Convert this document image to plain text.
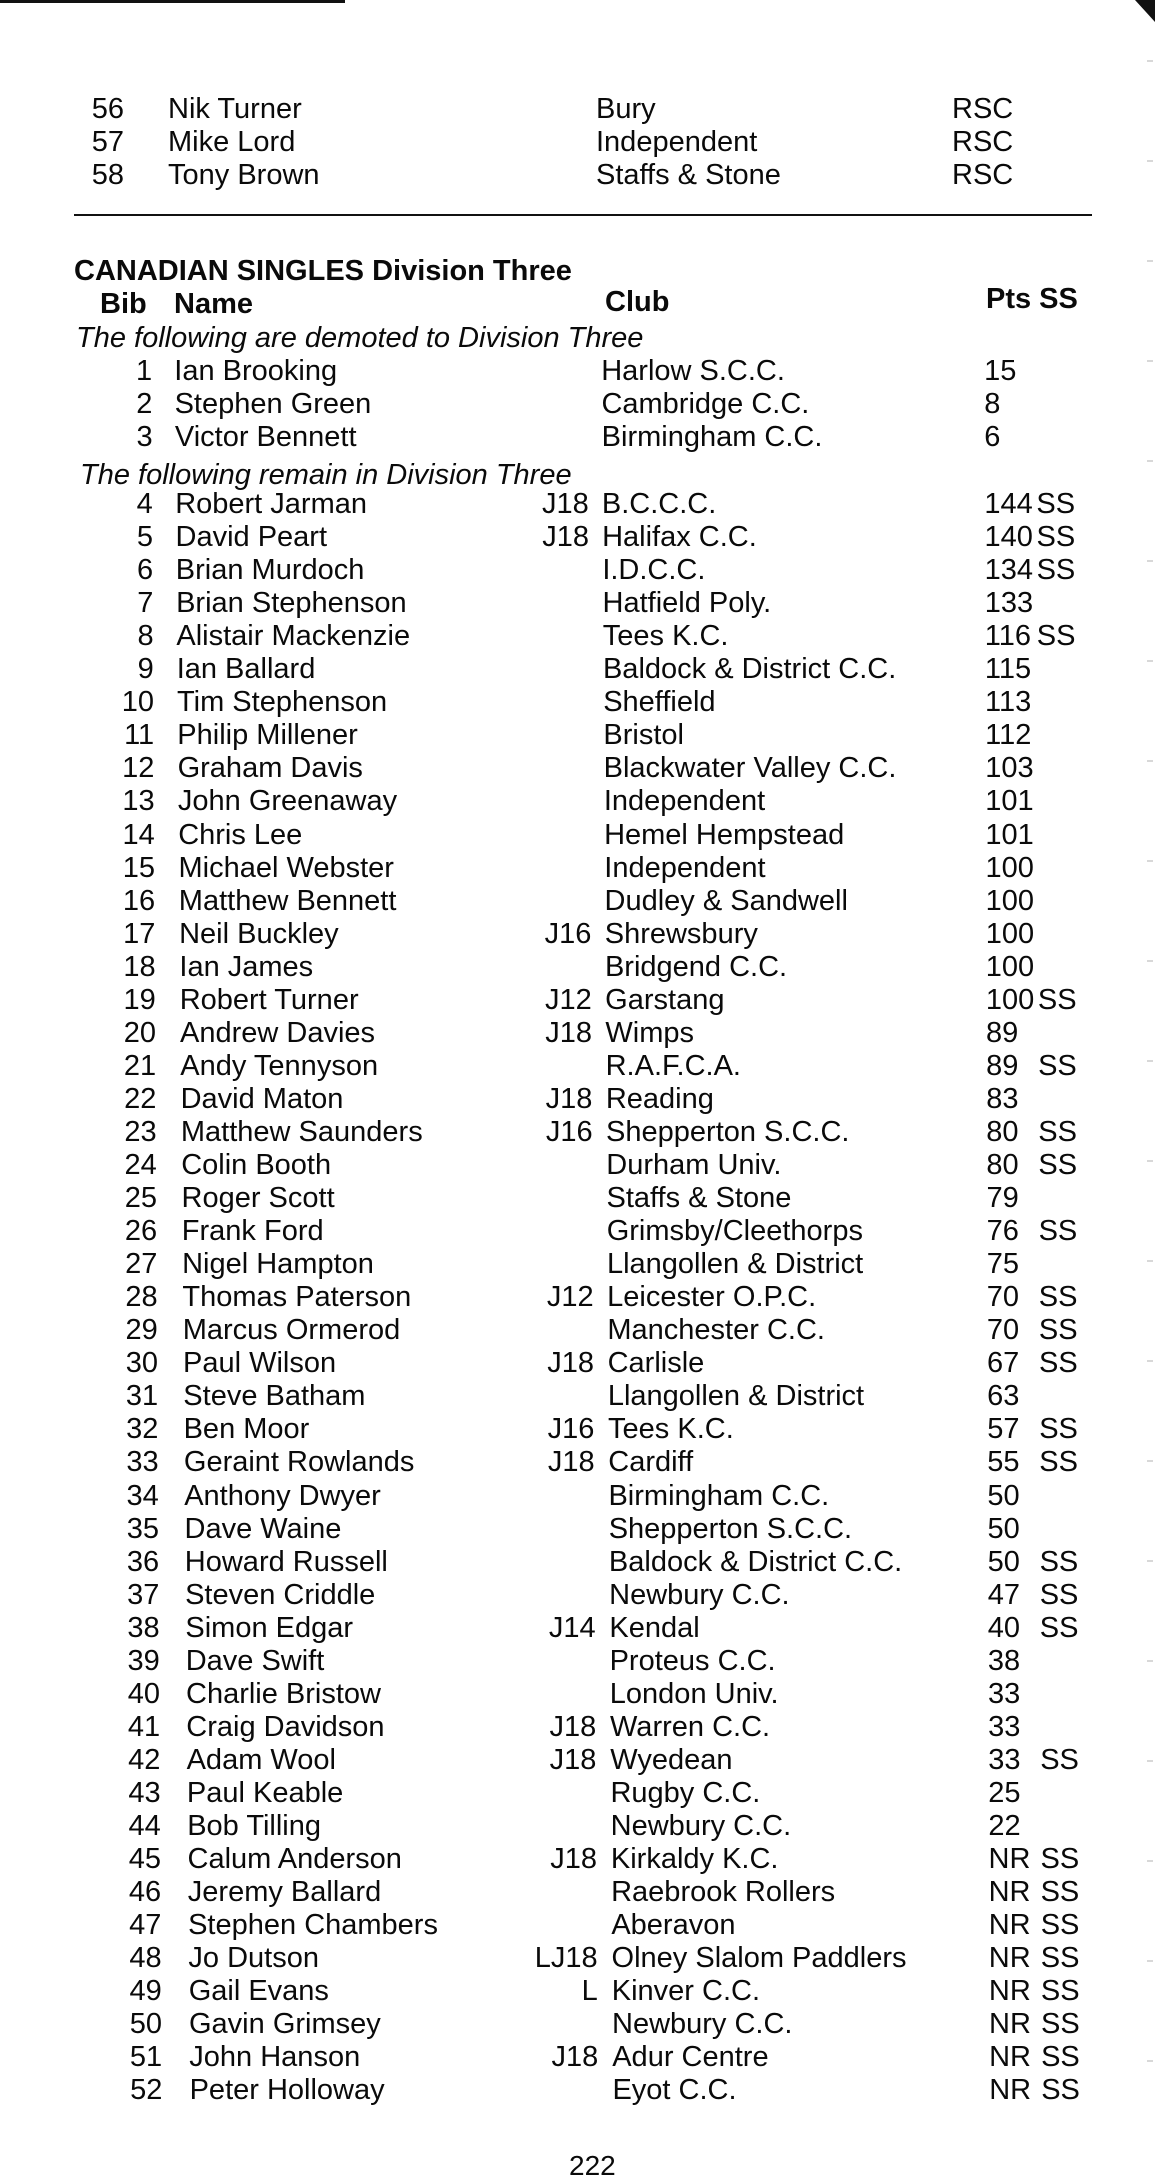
56 Nik Turner	Bury	RSC
57 Mike Lord	Independent	RSC
58 Tony Brown	Staffs & Stone	RSC
CANADIAN SINGLES Division Three
Bib Name	Club	Pts SS
The following are demoted to Division Three
1 Ian Brooking	Harlow S.C.C.	15
2 Stephen Green	Cambridge C.C.	8
3 Victor Bennett	Birmingham C.C.	6
The following remain in Division Three
4 Robert Jarman	J18 B.C.C.C.	144 SS
5 David Peart	J18 Halifax C.C.	140 SS
6 Brian Murdoch	I.D.C.C.	134 SS
7 Brian Stephenson	Hatfield Poly.	133
8 Alistair Mackenzie	Tees K.C.	116 SS
9 Ian Ballard	Baldock & District C.C.	115
10 Tim Stephenson	Sheffield	113
11 Philip Millener	Bristol	112
12 Graham Davis	Blackwater Valley C.C.	103
13 John Greenaway	Independent	101
14 Chris Lee	Hemel Hempstead	101
15 Michael Webster	Independent	100
16 Matthew Bennett	Dudley & Sandwell	100
17 Neil Buckley	J16 Shrewsbury	100
18 Ian James	Bridgend C.C.	100
19 Robert Turner	J12 Garstang	100 SS
20 Andrew Davies	J18 Wimps	89
21 Andy Tennyson	R.A.F.C.A.	89 SS
22 David Maton	J18 Reading	83
23 Matthew Saunders	J16 Shepperton S.C.C.	80 SS
24 Colin Booth	Durham Univ.	80 SS
25 Roger Scott	Staffs & Stone	79
26 Frank Ford	Grimsby/Cleethorps	76 SS
27 Nigel Hampton	Llangollen & District	75
28 Thomas Paterson	J12 Leicester O.P.C.	70 SS
29 Marcus Ormerod	Manchester C.C.	70 SS
30 Paul Wilson	J18 Carlisle	67 SS
31 Steve Batham	Llangollen & District	63
32 Ben Moor	J16 Tees K.C.	57 SS
33 Geraint Rowlands	J18 Cardiff	55 SS
34 Anthony Dwyer	Birmingham C.C.	50
35 Dave Waine	Shepperton S.C.C.	50
36 Howard Russell	Baldock & District C.C.	50 SS
37 Steven Criddle	Newbury C.C.	47 SS
38 Simon Edgar	J14 Kendal	40 SS
39 Dave Swift	Proteus C.C.	38
40 Charlie Bristow	London Univ.	33
41 Craig Davidson	J18 Warren C.C.	33
42 Adam Wool	J18 Wyedean	33 SS
43 Paul Keable	Rugby C.C.	25
44 Bob Tilling	Newbury C.C.	22
45 Calum Anderson	J18 Kirkaldy K.C.	NR SS
46 Jeremy Ballard	Raebrook Rollers	NR SS
47 Stephen Chambers	Aberavon	NR SS
48 Jo Dutson	LJ18 Olney Slalom Paddlers	NR SS
49 Gail Evans	L Kinver C.C.	NR SS
50 Gavin Grimsey	Newbury C.C.	NR SS
51 John Hanson	J18 Adur Centre	NR SS
52 Peter Holloway	Eyot C.C.	NR SS
222
